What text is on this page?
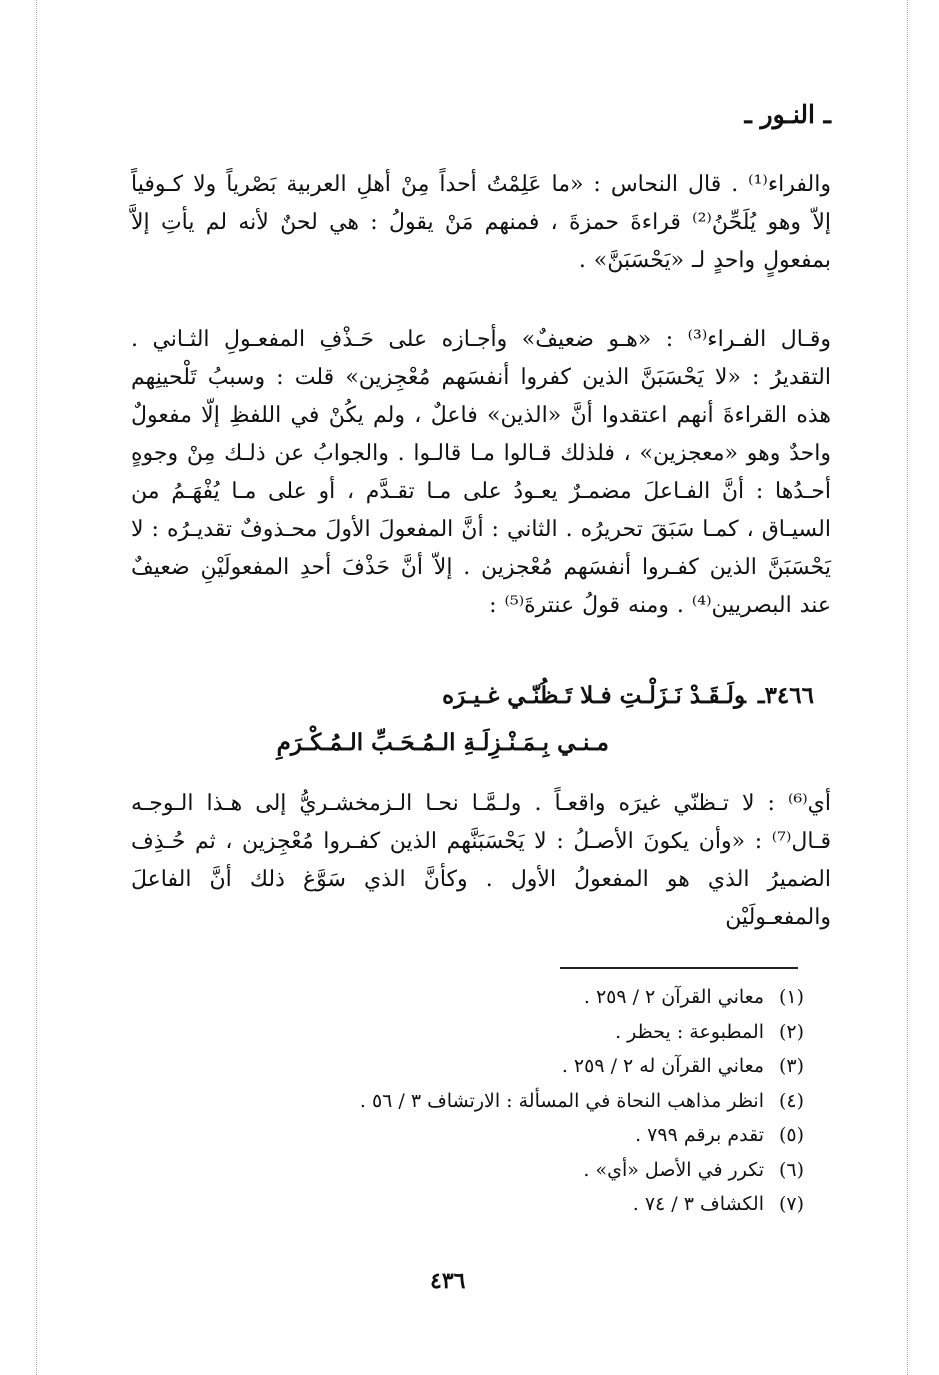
ـ النـور ـ
والفراء⁽¹⁾ . قال النحاس : «ما عَلِمْتُ أحداً مِنْ أهلِ العربية بَصْرياً ولا كـوفياً إلاّ وهو يُلَحِّنُ⁽²⁾ قراءةَ حمزةَ ، فمنهم مَنْ يقولُ : هي لحنٌ لأنه لم يأتِ إلاَّ بمفعولٍ واحدٍ لـ «يَحْسَبَنَّ» .
وقـال الفـراء⁽³⁾ : «هـو ضعيفٌ» وأجـازه على حَـذْفِ المفعـولِ الثـاني . التقديرُ : «لا يَحْسَبَنَّ الذين كفروا أنفسَهم مُعْجِزين» قلت : وسببُ تَلْحينِهم هذه القراءةَ أنهم اعتقدوا أنَّ «الذين» فاعلٌ ، ولم يكُنْ في اللفظِ إلّا مفعولٌ واحدٌ وهو «معجزين» ، فلذلك قـالوا مـا قالـوا . والجوابُ عن ذلـك مِنْ وجوهٍ أحـدُها : أنَّ الفـاعلَ مضمـرٌ يعـودُ على مـا تقـدَّم ، أو على مـا يُفْهَـمُ من السيـاق ، كمـا سَبَقَ تحريرُه . الثاني : أنَّ المفعولَ الأولَ محـذوفٌ تقديـرُه : لا يَحْسَبَنَّ الذين كفـروا أنفسَهم مُعْجزين . إلاّ أنَّ حَذْفَ أحدِ المفعولَيْنِ ضعيفٌ عند البصريين⁽⁴⁾ . ومنه قولُ عنترةَ⁽⁵⁾ :
٣٤٦٦ـولَـقَـدْ نَـزَلْـتِ فـلا تَـظُنّـي غـيـرَه
مـنـي بِـمَـنْـزِلَـةِ الـمُـحَـبِّ الـمُـكْـرَمِ
أي⁽⁶⁾ : لا تـظنّي غيرَه واقعـاً . ولـمَّـا نحـا الـزمخشـريُّ إلى هـذا الـوجـه قـال⁽⁷⁾ : «وأن يكونَ الأصـلُ : لا يَحْسَبَنَّهم الذين كفـروا مُعْجِزين ، ثم حُـذِف الضميرُ الذي هو المفعولُ الأول . وكأنَّ الذي سَوَّغ ذلك أنَّ الفاعلَ والمفعـولَيْن
(١)معاني القرآن ٢ / ٢٥٩ .
(٢)المطبوعة : يحظر .
(٣)معاني القرآن له ٢ / ٢٥٩ .
(٤)انظر مذاهب النحاة في المسألة : الارتشاف ٣ / ٥٦ .
(٥)تقدم برقم ٧٩٩ .
(٦)تكرر في الأصل «أي» .
(٧)الكشاف ٣ / ٧٤ .
٤٣٦
